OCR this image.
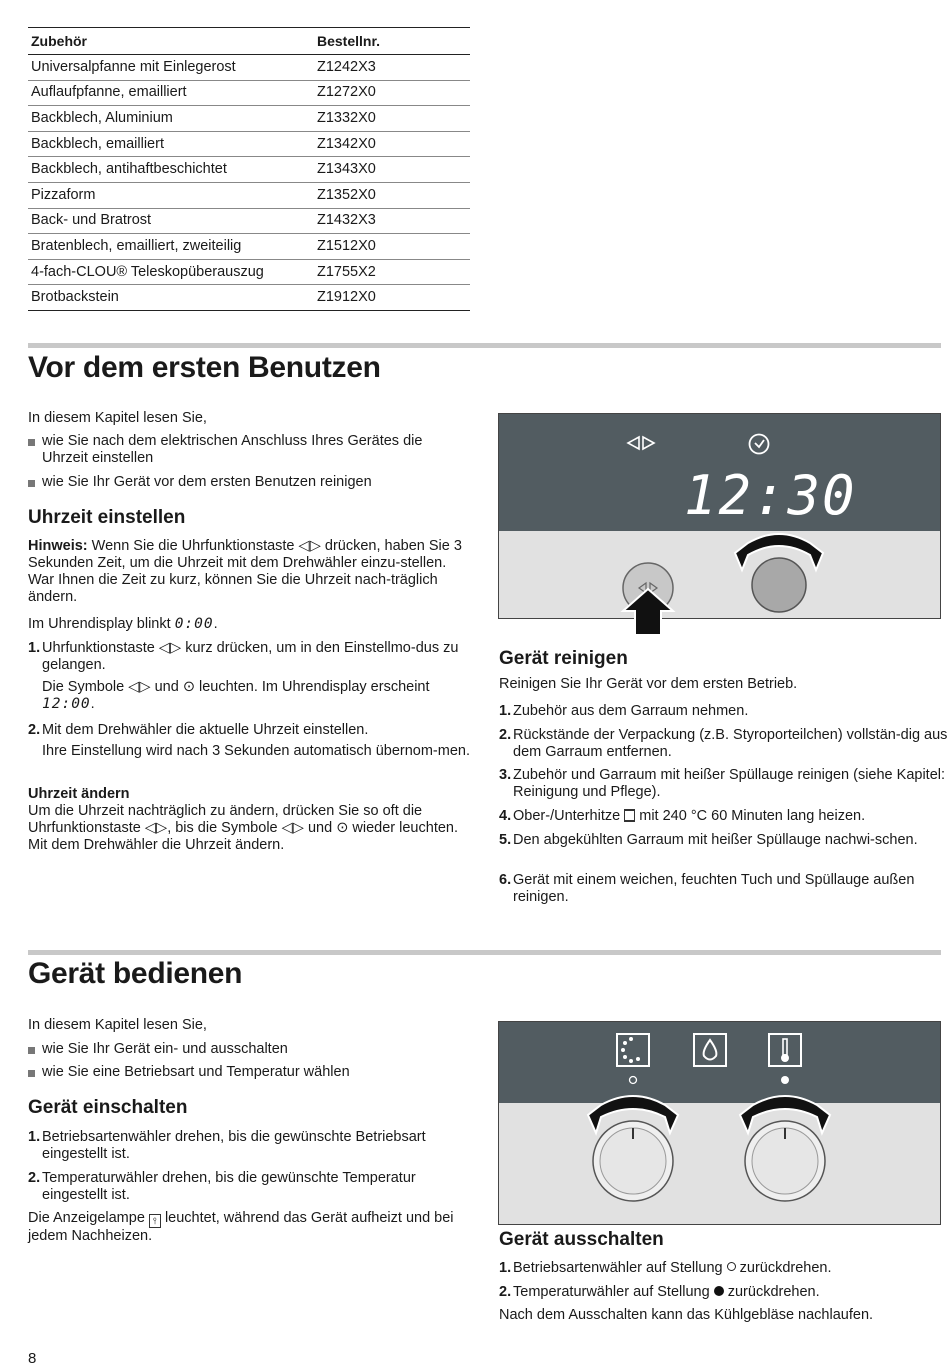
Zubehör	Bestellnr.
Universalpfanne mit Einlegerost	Z1242X3
Auflaufpfanne, emailliert	Z1272X0
Backblech, Aluminium	Z1332X0
Backblech, emailliert	Z1342X0
Backblech, antihaftbeschichtet	Z1343X0
Pizzaform	Z1352X0
Back- und Bratrost	Z1432X3
Bratenblech, emailliert, zweiteilig	Z1512X0
4-fach-CLOU® Teleskopüberauszug	Z1755X2
Brotbackstein	Z1912X0
Vor dem ersten Benutzen
In diesem Kapitel lesen Sie,
wie Sie nach dem elektrischen Anschluss Ihres Gerätes die Uhrzeit einstellen
wie Sie Ihr Gerät vor dem ersten Benutzen reinigen
Uhrzeit einstellen
Hinweis: Wenn Sie die Uhrfunktionstaste ◁▷ drücken, haben Sie 3 Sekunden Zeit, um die Uhrzeit mit dem Drehwähler einzu-stellen. War Ihnen die Zeit zu kurz, können Sie die Uhrzeit nach-träglich ändern.
Im Uhrendisplay blinkt 0:00.
1. Uhrfunktionstaste ◁▷ kurz drücken, um in den Einstellmo-dus zu gelangen.
Die Symbole ◁▷ und ⊙ leuchten. Im Uhrendisplay erscheint 12:00.
2. Mit dem Drehwähler die aktuelle Uhrzeit einstellen.
Ihre Einstellung wird nach 3 Sekunden automatisch übernom-men.
Uhrzeit ändern
Um die Uhrzeit nachträglich zu ändern, drücken Sie so oft die Uhrfunktionstaste ◁▷, bis die Symbole ◁▷ und ⊙ wieder leuchten. Mit dem Drehwähler die Uhrzeit ändern.
12:30
Gerät reinigen
Reinigen Sie Ihr Gerät vor dem ersten Betrieb.
1. Zubehör aus dem Garraum nehmen.
2. Rückstände der Verpackung (z.B. Styroporteilchen) vollstän-dig aus dem Garraum entfernen.
3. Zubehör und Garraum mit heißer Spüllauge reinigen (siehe Kapitel: Reinigung und Pflege).
4. Ober-/Unterhitze mit 240 °C 60 Minuten lang heizen.
5. Den abgekühlten Garraum mit heißer Spüllauge nachwi-schen.
6. Gerät mit einem weichen, feuchten Tuch und Spüllauge außen reinigen.
Gerät bedienen
In diesem Kapitel lesen Sie,
wie Sie Ihr Gerät ein- und ausschalten
wie Sie eine Betriebsart und Temperatur wählen
Gerät einschalten
1. Betriebsartenwähler drehen, bis die gewünschte Betriebsart eingestellt ist.
2. Temperaturwähler drehen, bis die gewünschte Temperatur eingestellt ist.
Die Anzeigelampe ⫯ leuchtet, während das Gerät aufheizt und bei jedem Nachheizen.	Gerät ausschalten
1. Betriebsartenwähler auf Stellung zurückdrehen.
2. Temperaturwähler auf Stellung zurückdrehen.
Nach dem Ausschalten kann das Kühlgebläse nachlaufen.
8
